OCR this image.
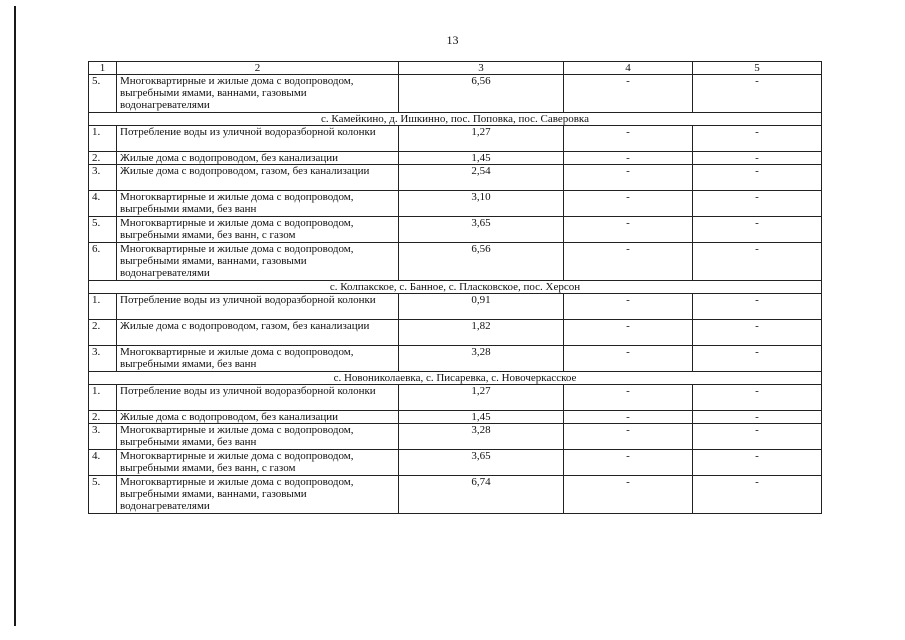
13
1	2	3	4	5
5.	Многоквартирные и жилые дома с водопроводом, выгребными ямами, ваннами, газовыми водонагревателями	6,56	-	-
с. Камейкино, д. Ишкинно, пос. Поповка, пос. Саверовка				
1.	Потребление воды из уличной водоразборной колонки	1,27	-	-
2.	Жилые дома с водопроводом, без канализации	1,45	-	-
3.	Жилые дома с водопроводом, газом, без канализации	2,54	-	-
4.	Многоквартирные и жилые дома с водопроводом, выгребными ямами, без ванн	3,10	-	-
5.	Многоквартирные и жилые дома с водопроводом, выгребными ямами, без ванн, с газом	3,65	-	-
6.	Многоквартирные и жилые дома с водопроводом, выгребными ямами, ваннами, газовыми водонагревателями	6,56	-	-
с. Колпакское, с. Банное, с. Пласковское, пос. Херсон				
1.	Потребление воды из уличной водоразборной колонки	0,91	-	-
2.	Жилые дома с водопроводом, газом, без канализации	1,82	-	-
3.	Многоквартирные и жилые дома с водопроводом, выгребными ямами, без ванн	3,28	-	-
с. Новониколаевка, с. Писаревка, с. Новочеркасское				
1.	Потребление воды из уличной водоразборной колонки	1,27	-	-
2.	Жилые дома с водопроводом, без канализации	1,45	-	-
3.	Многоквартирные и жилые дома с водопроводом, выгребными ямами, без ванн	3,28	-	-
4.	Многоквартирные и жилые дома с водопроводом, выгребными ямами, без ванн, с газом	3,65	-	-
5.	Многоквартирные и жилые дома с водопроводом, выгребными ямами, ваннами, газовыми водонагревателями	6,74	-	-
